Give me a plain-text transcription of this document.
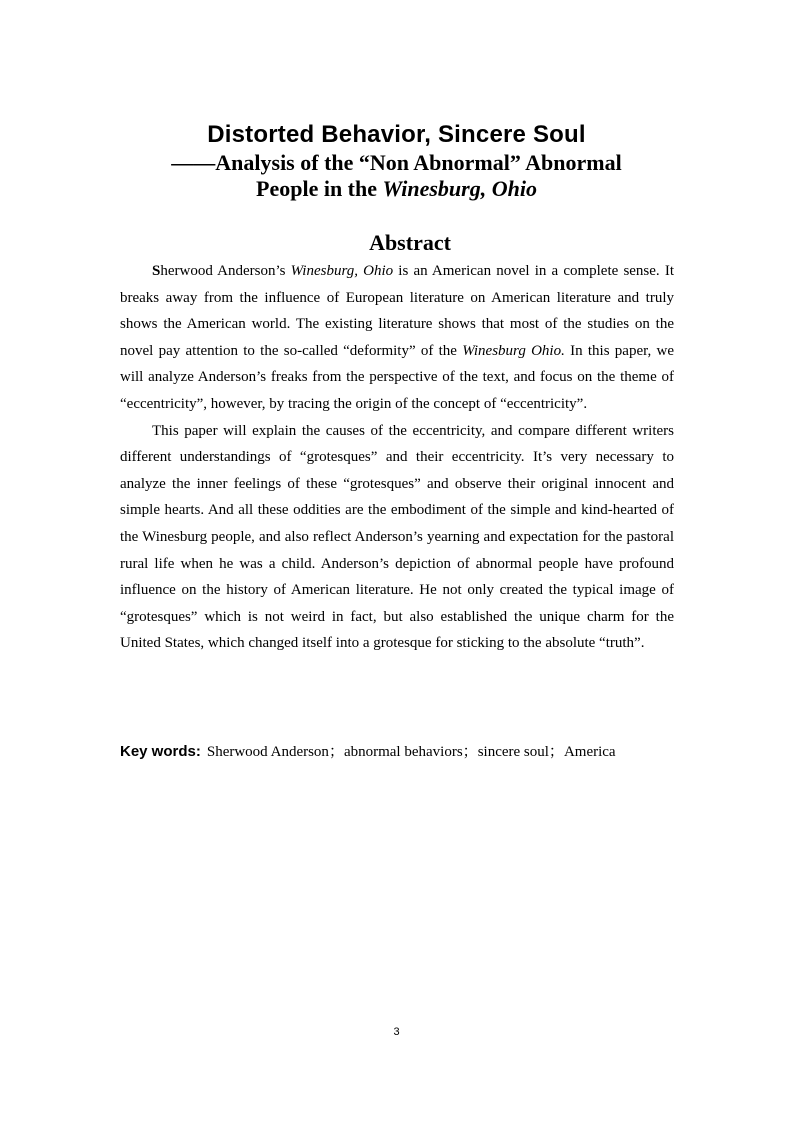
Distorted Behavior, Sincere Soul
——Analysis of the “Non Abnormal” Abnormal
People in the Winesburg, Ohio
Abstract

Sherwood Anderson’s Winesburg, Ohio is an American novel in a complete sense. It breaks away from the influence of European literature on American literature and truly shows the American world. The existing literature shows that most of the studies on the novel pay attention to the so-called “deformity” of the Winesburg Ohio. In this paper, we will analyze Anderson’s freaks from the perspective of the text, and focus on the theme of “eccentricity”, however, by tracing the origin of the concept of “eccentricity”.

This paper will explain the causes of the eccentricity, and compare different writers different understandings of “grotesques” and their eccentricity. It’s very necessary to analyze the inner feelings of these “grotesques” and observe their original innocent and simple hearts. And all these oddities are the embodiment of the simple and kind-hearted of the Winesburg people, and also reflect Anderson’s yearning and expectation for the pastoral rural life when he was a child. Anderson’s depiction of abnormal people have profound influence on the history of American literature. He not only created the typical image of “grotesques” which is not weird in fact, but also established the unique charm for the United States, which changed itself into a grotesque for sticking to the absolute “truth”.

Key words: Sherwood Anderson；abnormal behaviors；sincere soul；America
3
